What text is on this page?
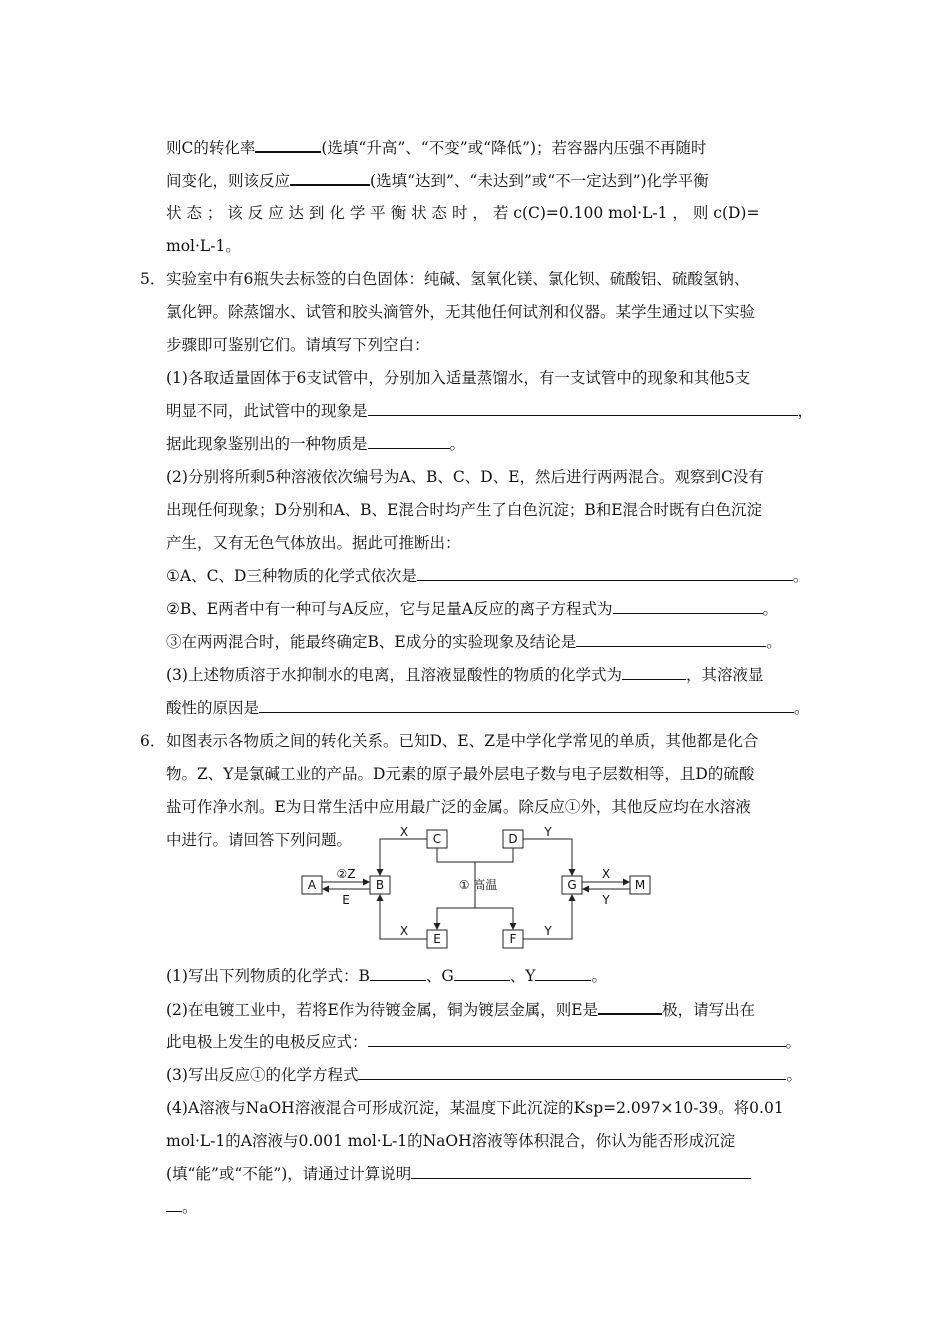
则C的转化率	(选填“升高”、“不变”或“降低”)；若容器内压强不再随时
间变化，则该反应	(选填“达到”、“未达到”或“不一定达到”)化学平衡
状 态 ； 该 反 应 达 到 化 学 平 衡 状 态 时 ， 若 c(C)=0.100 mol·L-1 ， 则 c(D)=
mol·L-1。
5． 实验室中有6瓶失去标签的白色固体：纯碱、氢氧化镁、氯化钡、硫酸铝、硫酸氢钠、
氯化钾。除蒸馏水、试管和胶头滴管外，无其他任何试剂和仪器。某学生通过以下实验
步骤即可鉴别它们。请填写下列空白：
(1)各取适量固体于6支试管中，分别加入适量蒸馏水，有一支试管中的现象和其他5支
明显不同，此试管中的现象是	，
据此现象鉴别出的一种物质是	。
(2)分别将所剩5种溶液依次编号为A、B、C、D、E，然后进行两两混合。观察到C没有
出现任何现象；D分别和A、B、E混合时均产生了白色沉淀；B和E混合时既有白色沉淀
产生，又有无色气体放出。据此可推断出：
①A、C、D三种物质的化学式依次是	。
②B、E两者中有一种可与A反应，它与足量A反应的离子方程式为	。
③在两两混合时，能最终确定B、E成分的实验现象及结论是	。
(3)上述物质溶于水抑制水的电离，且溶液显酸性的物质的化学式为	，其溶液显
酸性的原因是	。
6． 如图表示各物质之间的转化关系。已知D、E、Z是中学化学常见的单质，其他都是化合
物。Z、Y是氯碱工业的产品。D元素的原子最外层电子数与电子层数相等，且D的硫酸
盐可作净水剂。E为日常生活中应用最广泛的金属。除反应①外，其他反应均在水溶液
中进行。请回答下列问题。
A	B
C	D
E	F
G	M
②Z
E
X
X
Y
Y
X
Y
① 高温
(1)写出下列物质的化学式：B	、G	、Y	。
(2)在电镀工业中，若将E作为待镀金属，铜为镀层金属，则E是	极，请写出在
此电极上发生的电极反应式：	。
(3)写出反应①的化学方程式	。
(4)A溶液与NaOH溶液混合可形成沉淀，某温度下此沉淀的Ksp=2.097×10-39。将0.01
mol·L-1的A溶液与0.001 mol·L-1的NaOH溶液等体积混合，你认为能否形成沉淀
(填“能”或“不能”)，请通过计算说明
。
